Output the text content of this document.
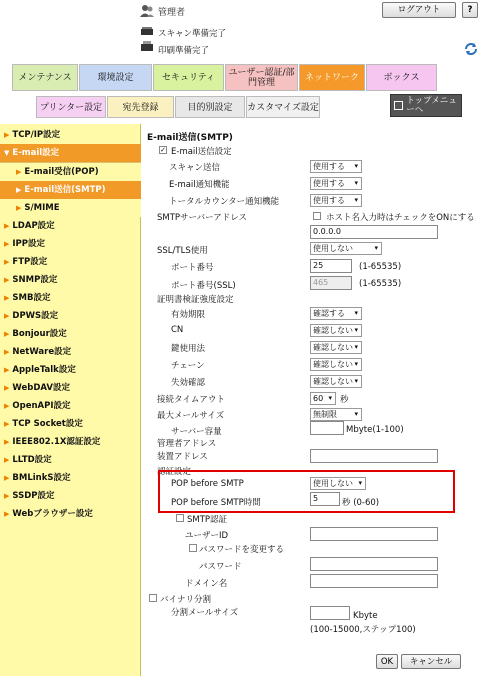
管理者	ログアウト	?
スキャン準備完了
印刷準備完了
メンテナンス	環境設定	セキュリティ	ユーザー認証/部門管理	ネットワーク	ボックス
プリンター設定	宛先登録	目的別設定	カスタマイズ設定
トップメニューへ
▶ TCP/IP設定
▼ E-mail設定
▶ E-mail受信(POP)
▶ E-mail送信(SMTP)
▶ S/MIME
▶ LDAP設定
▶ IPP設定
▶ FTP設定
▶ SNMP設定
▶ SMB設定
▶ DPWS設定
▶ Bonjour設定
▶ NetWare設定
▶ AppleTalk設定
▶ WebDAV設定
▶ OpenAPI設定
▶ TCP Socket設定
▶ IEEE802.1X認証設定
▶ LLTD設定
▶ BMLinkS設定
▶ SSDP設定
▶ Webブラウザー設定
E-mail送信(SMTP)
✓ E-mail送信設定
スキャン送信	使用する ▾
E-mail通知機能	使用する ▾
トータルカウンター通知機能	使用する ▾
SMTPサーバーアドレス	ホスト名入力時はチェックをONにする
0.0.0.0
SSL/TLS使用	使用しない	▾
ポート番号	25	(1-65535)
ポート番号(SSL)	465	(1-65535)
証明書検証強度設定
有効期限	確認する ▾
CN	確認しない ▾
鍵使用法	確認しない ▾
チェーン	確認しない ▾
失効確認	確認しない ▾
接続タイムアウト	60 ▾ 秒
最大メールサイズ	無制限 ▾
サーバー容量	Mbyte(1-100)
管理者アドレス
装置アドレス
認証設定
POP before SMTP	使用しない ▾
POP before SMTP時間	5	秒 (0-60)
SMTP認証
ユーザーID
パスワードを変更する
パスワード
ドメイン名
バイナリ分割
分割メールサイズ	Kbyte
(100-15000,ステップ100)
OK	キャンセル
